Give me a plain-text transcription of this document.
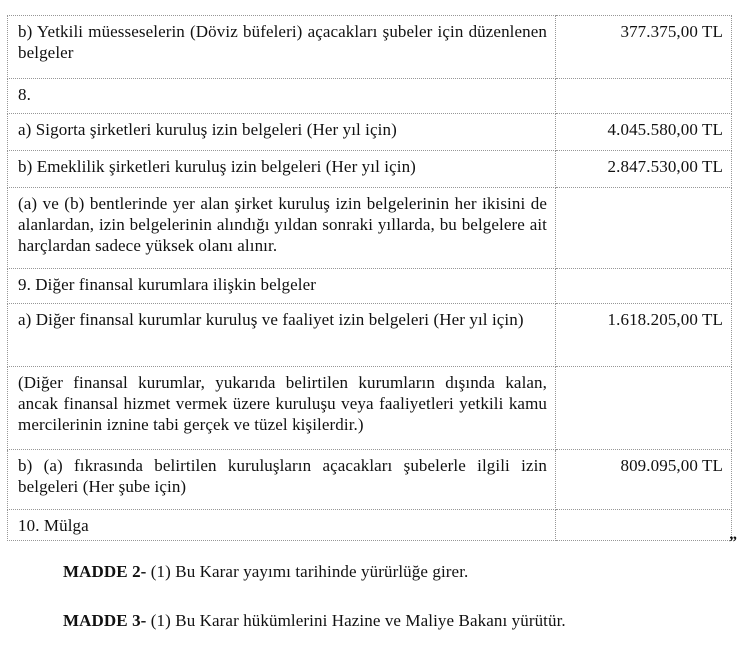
b) Yetkili müesseselerin (Döviz büfeleri) açacakları şubeler için düzenlenen belgeler	377.375,00 TL
8.	
a) Sigorta şirketleri kuruluş izin belgeleri (Her yıl için)	4.045.580,00 TL
b) Emeklilik şirketleri kuruluş izin belgeleri (Her yıl için)	2.847.530,00 TL
(a) ve (b) bentlerinde yer alan şirket kuruluş izin belgelerinin her ikisini de alanlardan, izin belgelerinin alındığı yıldan sonraki yıllarda, bu belgelere ait harçlardan sadece yüksek olanı alınır.	
9. Diğer finansal kurumlara ilişkin belgeler	
a) Diğer finansal kurumlar kuruluş ve faaliyet izin belgeleri (Her yıl için)	1.618.205,00 TL
(Diğer finansal kurumlar, yukarıda belirtilen kurumların dışında kalan, ancak finansal hizmet vermek üzere kuruluşu veya faaliyetleri yetkili kamu mercilerinin iznine tabi gerçek ve tüzel kişilerdir.)	
b) (a) fıkrasında belirtilen kuruluşların açacakları şubelerle ilgili izin belgeleri (Her şube için)	809.095,00 TL
10. Mülga	
”

MADDE 2- (1) Bu Karar yayımı tarihinde yürürlüğe girer.

MADDE 3- (1) Bu Karar hükümlerini Hazine ve Maliye Bakanı yürütür.
